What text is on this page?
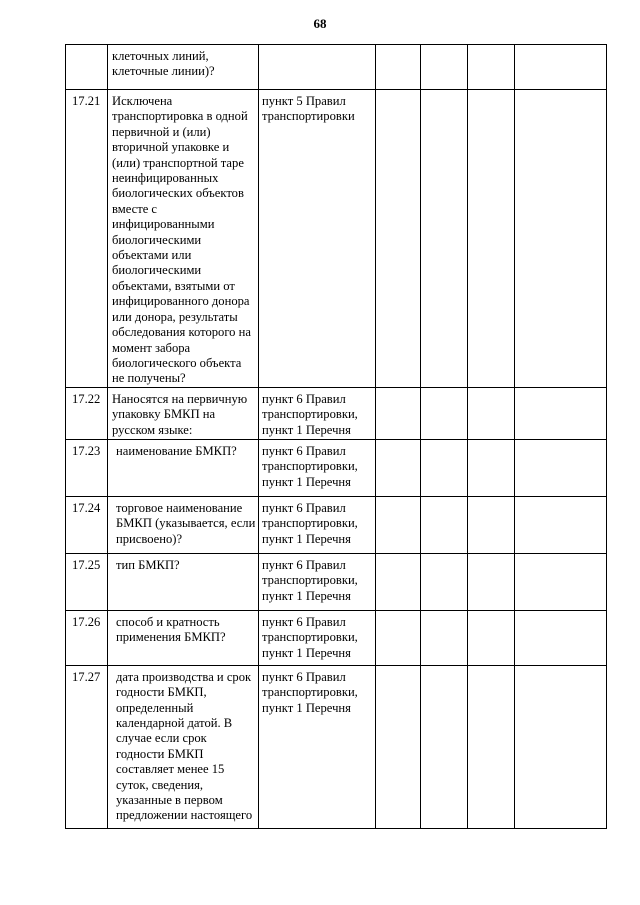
68

	клеточных линий, клеточные линии)?					

17.21	Исключена транспортировка в одной первичной и (или) вторичной упаковке и (или) транспортной таре неинфицированных биологических объектов вместе с инфицированными биологическими объектами или биологическими объектами, взятыми от инфицированного донора или донора, результаты обследования которого на момент забора биологического объекта не получены?	пункт 5 Правил транспортировки				

17.22	Наносятся на первичную упаковку БМКП на русском языке:	пункт 6 Правил транспортировки, пункт 1 Перечня				

17.23	наименование БМКП?	пункт 6 Правил транспортировки, пункт 1 Перечня				

17.24	торговое наименование БМКП (указывается, если присвоено)?	пункт 6 Правил транспортировки, пункт 1 Перечня				

17.25	тип БМКП?	пункт 6 Правил транспортировки, пункт 1 Перечня				

17.26	способ и кратность применения БМКП?	пункт 6 Правил транспортировки, пункт 1 Перечня				

17.27	дата производства и срок годности БМКП, определенный календарной датой. В случае если срок годности БМКП составляет менее 15 суток, сведения, указанные в первом предложении настоящего	пункт 6 Правил транспортировки, пункт 1 Перечня				
